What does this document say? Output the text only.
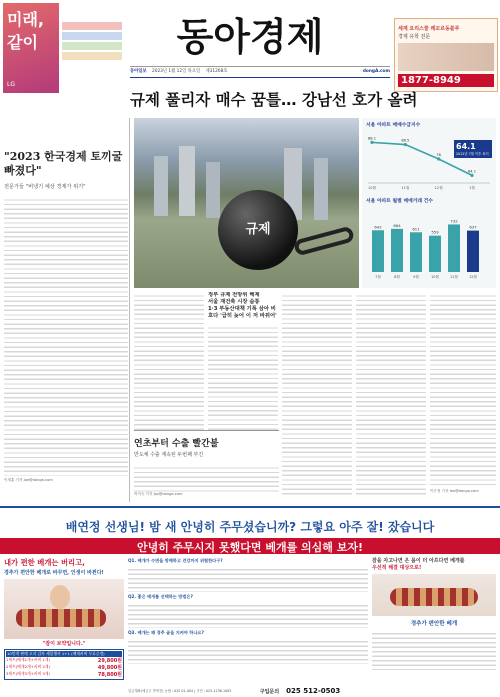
미래,
같이
LG
동아경제	세계 요리스쿨 레꼬르동블루
경제 유학 전문
1877-8949
동아일보 2023년 1월 12일 목요일 제31268호	dongA.com
규제 풀리자 매수 꿈틀… 강남선 호가 올려
"2023 한국경제 토끼굴 빠졌다"
전문가들 "버냉기 예상 경제가 위기"
이재훈 기자 jae@donga.com
규제
서울 아파트 매매수급지수
88.1
10월
86.5
11월
76
12월
64.1
1월
64.1
2012년 7월 이후 최저
서울 아파트 월별 매매거래 건수
642
7월
664
8월
611
9월
559
10월
732
11월
637
12월
정부 규제 전방위 해제
서울 재건축 시장 숨통
1·3 부동산대책 기폭 삼아 비
호다 '급히 늦어 이 저 바뀌어'
이은정 기자 lee@donga.com
연초부터 수출 빨간불
반도체 수출 계속된 두번째 부진
박지숙 기자 jsp@donga.com
배연정 선생님! 밤 새 안녕히 주무셨습니까? 그렇요 아주 잘! 잤습니다
안녕히 주무시지 못했다면 베개를 의심해 보자!
내가 편한 베개는 버리고,
경추가 편안한 베개로 바꾸면, 인생이 바뀐다!
"잠이 보약입니다."
10만개 판매 고지 감사 세일행사 1+1 (베개커버 무료증정)
1세트(베개1개+커버 1개)	29,800원
2세트(베개2개+커버 2개)	49,800원
3세트(베개3개+커버 3개)	78,800원
Q1. 베개가 수면을 방해하고 건강까지 위협한다구?
Q2. 좋은 베개를 선택하는 방법은?
Q3. 베개는 왜 경추 골을 지켜야 하나요?
구입문의 025 512-0503
입금계좌(예금주 반혁진) 농협 : 025 01-004 | 국민 : 025-1236-1005
잠을 자고나면 온 몸이 더 아프다면 베개를
우선적 해결 대상으로!
경추가 편안한 베개
